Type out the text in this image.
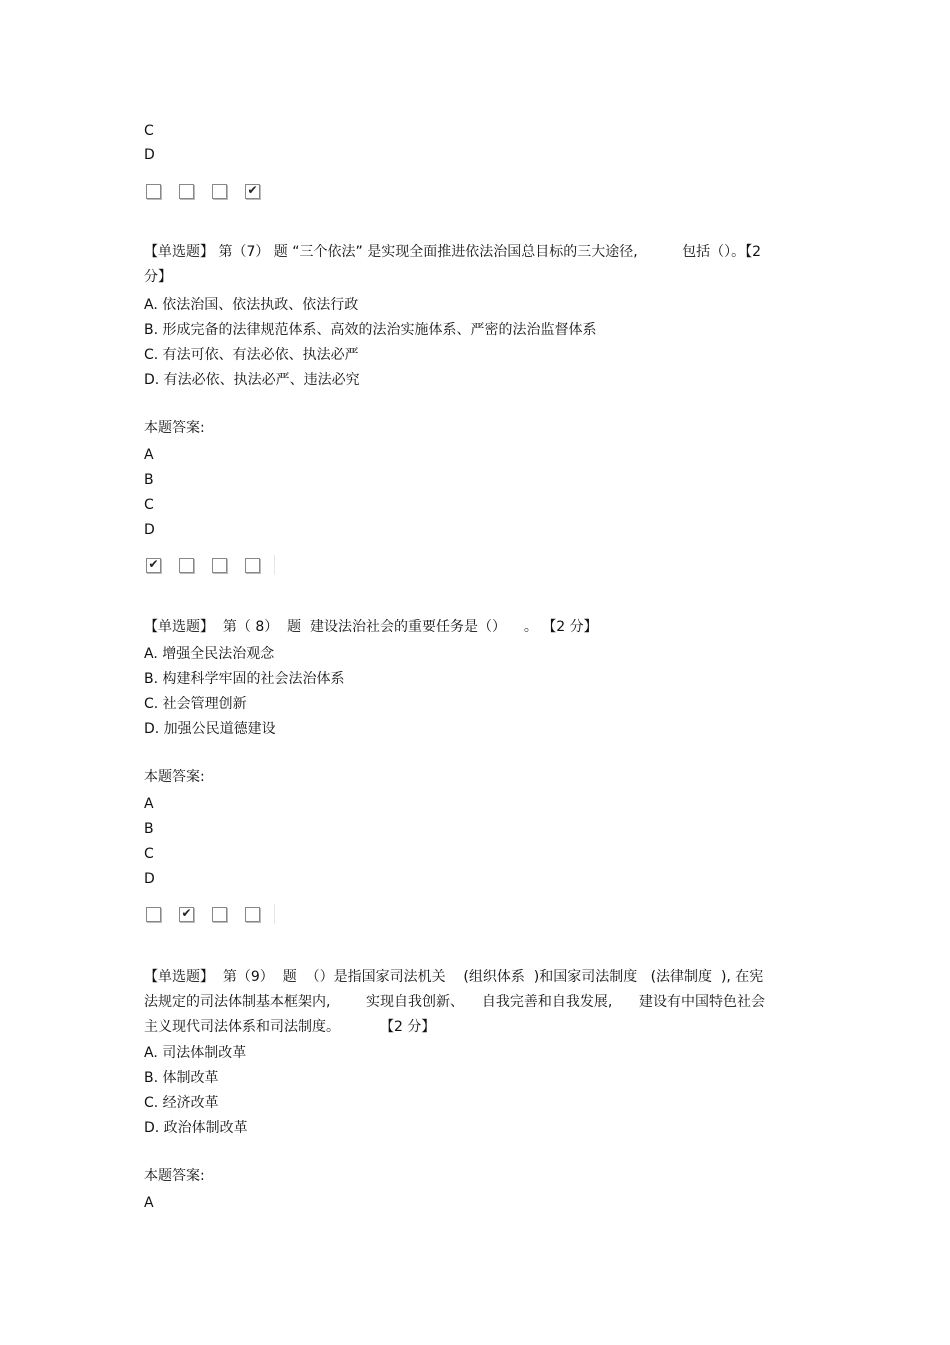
C
D
✔
【单选题】 第（7） 题 “三个依法” 是实现全面推进依法治国总目标的三大途径,          包括（）。【2
分】
A. 依法治国、依法执政、依法行政
B. 形成完备的法律规范体系、高效的法治实施体系、严密的法治监督体系
C. 有法可依、有法必依、执法必严
D. 有法必依、执法必严、违法必究
本题答案:
A
B
C
D
✔
【单选题】  第（ 8）  题  建设法治社会的重要任务是（）    。 【2 分】
A. 增强全民法治观念
B. 构建科学牢固的社会法治体系
C. 社会管理创新
D. 加强公民道德建设
本题答案:
A
B
C
D
✔
【单选题】  第（9）  题  （）是指国家司法机关    (组织体系  )和国家司法制度   (法律制度  ), 在宪
法规定的司法体制基本框架内,        实现自我创新、    自我完善和自我发展,      建设有中国特色社会
主义现代司法体系和司法制度。         【2 分】
A. 司法体制改革
B. 体制改革
C. 经济改革
D. 政治体制改革
本题答案:
A
